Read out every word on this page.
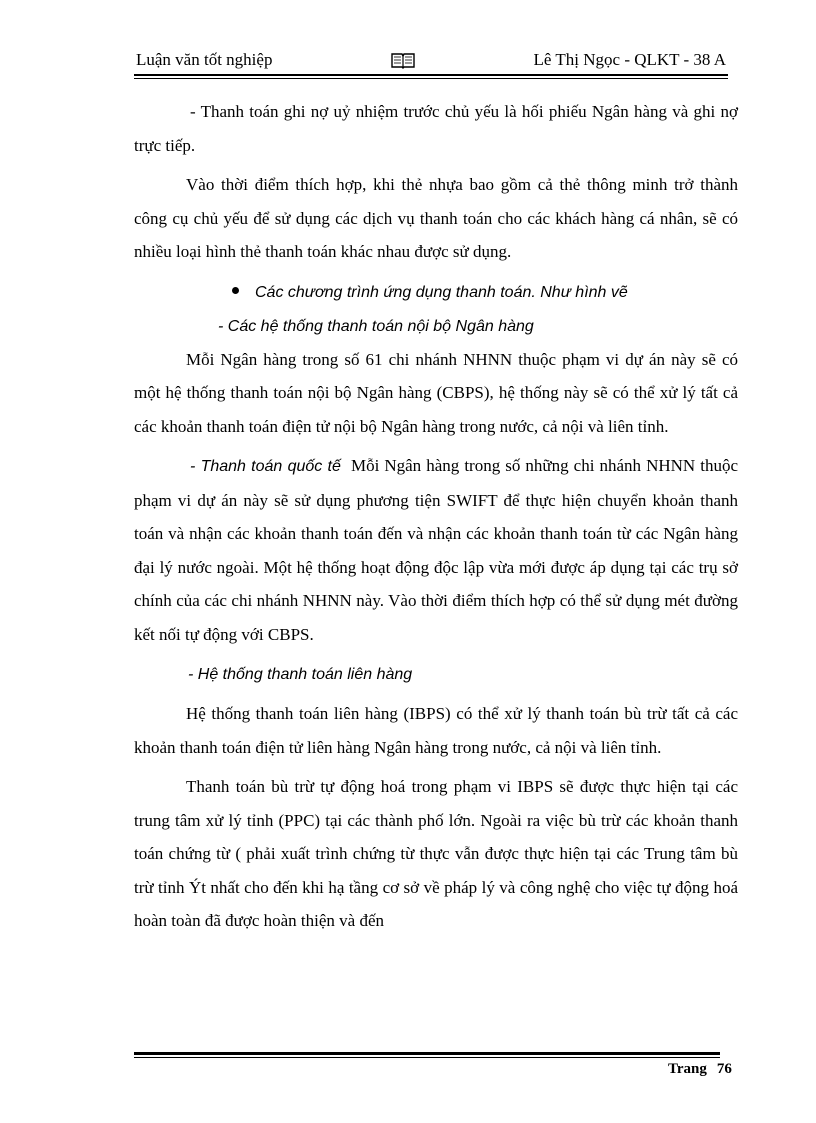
Luận văn tốt nghiệp	Lê Thị Ngọc - QLKT - 38 A

- Thanh toán ghi nợ uỷ nhiệm trước chủ yếu là hối phiếu Ngân hàng và ghi nợ trực tiếp.

Vào thời điểm thích hợp, khi thẻ nhựa bao gồm cả thẻ thông minh trở thành công cụ chủ yếu để sử dụng các dịch vụ thanh toán cho các khách hàng cá nhân, sẽ có nhiều loại hình thẻ thanh toán khác nhau được sử dụng.

Các chương trình ứng dụng thanh toán. Như hình vẽ
- Các hệ thống thanh toán nội bộ Ngân hàng

Mỗi Ngân hàng trong số 61 chi nhánh NHNN thuộc phạm vi dự án này sẽ có một hệ thống thanh toán nội bộ Ngân hàng (CBPS), hệ thống này sẽ có thể xử lý tất cả các khoản thanh toán điện tử nội bộ Ngân hàng trong nước, cả nội và liên tỉnh.

- Thanh toán quốc tế Mỗi Ngân hàng trong số những chi nhánh NHNN thuộc phạm vi dự án này sẽ sử dụng phương tiện SWIFT để thực hiện chuyển khoản thanh toán và nhận các khoản thanh toán đến và nhận các khoản thanh toán từ các Ngân hàng đại lý nước ngoài. Một hệ thống hoạt động độc lập vừa mới được áp dụng tại các trụ sở chính của các chi nhánh NHNN này. Vào thời điểm thích hợp có thể sử dụng mét đường kết nối tự động với CBPS.

- Hệ thống thanh toán liên hàng

Hệ thống thanh toán liên hàng (IBPS) có thể xử lý thanh toán bù trừ tất cả các khoản thanh toán điện tử liên hàng Ngân hàng trong nước, cả nội và liên tỉnh.

Thanh toán bù trừ tự động hoá trong phạm vi IBPS sẽ được thực hiện tại các trung tâm xử lý tỉnh (PPC) tại các thành phố lớn. Ngoài ra việc bù trừ các khoản thanh toán chứng từ ( phải xuất trình chứng từ thực vẫn được thực hiện tại các Trung tâm bù trừ tỉnh Ýt nhất cho đến khi hạ tầng cơ sở về pháp lý và công nghệ cho việc tự động hoá hoàn toàn đã được hoàn thiện và đến

Trang 76
